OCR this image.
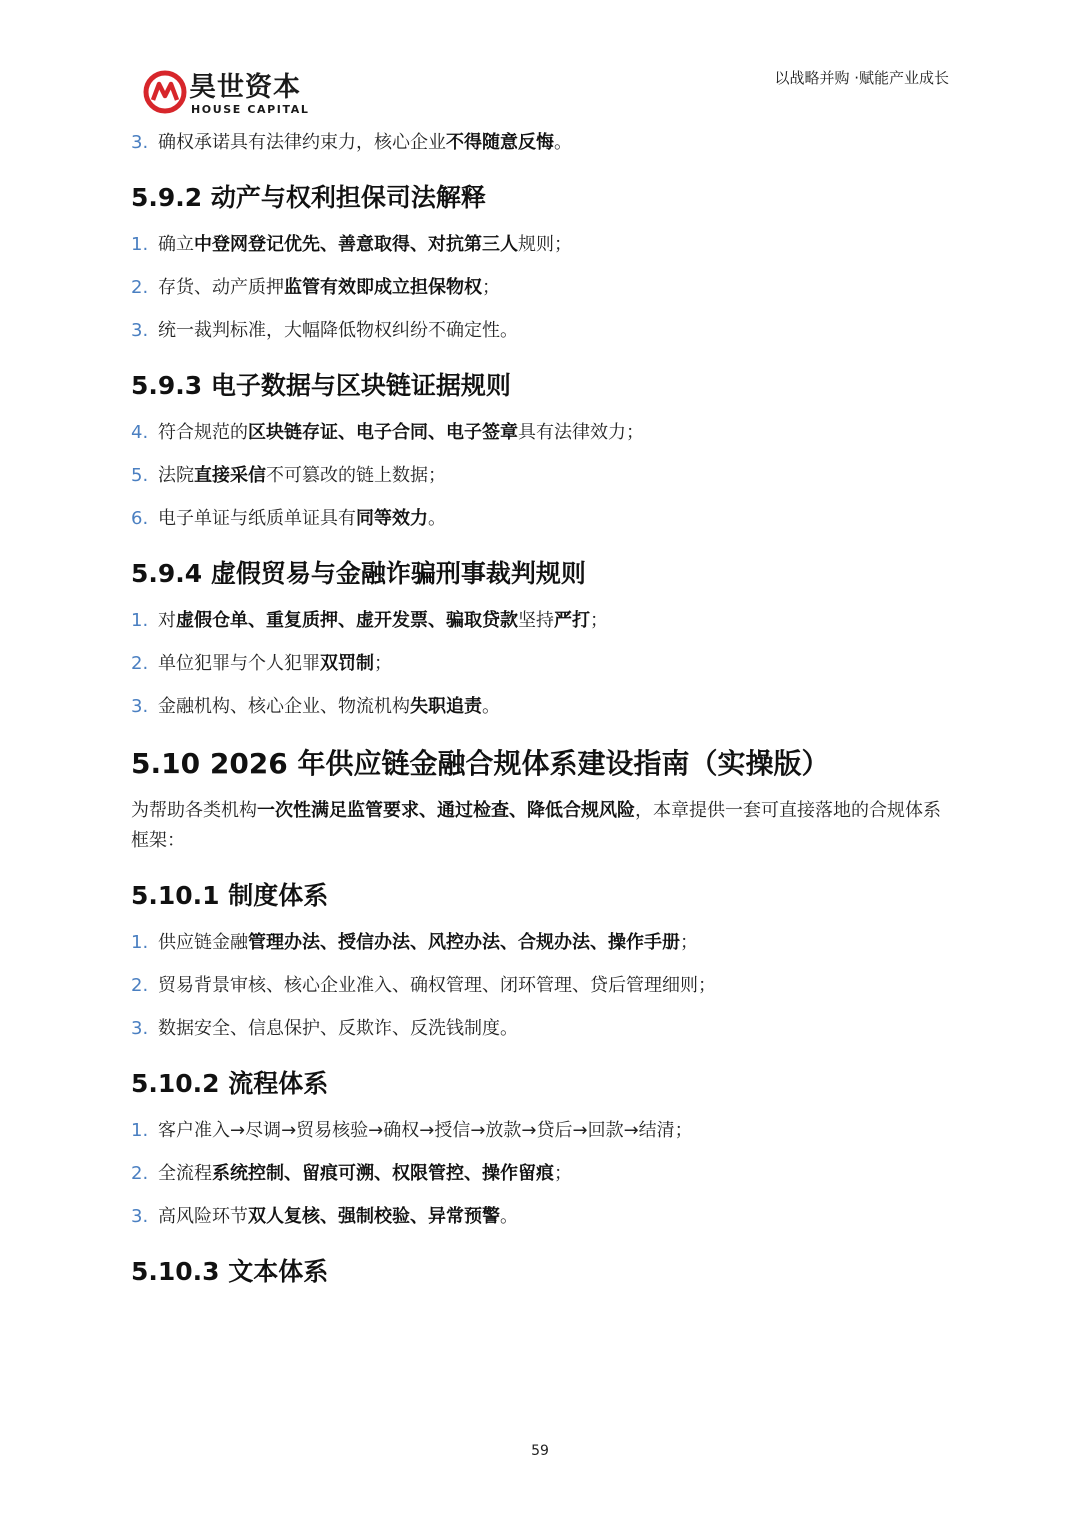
昊世资本
HOUSE CAPITAL
以战略并购 ·赋能产业成长
3. 确权承诺具有法律约束力，核心企业不得随意反悔。
5.9.2 动产与权利担保司法解释
1. 确立中登网登记优先、善意取得、对抗第三人规则；
2. 存货、动产质押监管有效即成立担保物权；
3. 统一裁判标准，大幅降低物权纠纷不确定性。
5.9.3 电子数据与区块链证据规则
4. 符合规范的区块链存证、电子合同、电子签章具有法律效力；
5. 法院直接采信不可篡改的链上数据；
6. 电子单证与纸质单证具有同等效力。
5.9.4 虚假贸易与金融诈骗刑事裁判规则
1. 对虚假仓单、重复质押、虚开发票、骗取贷款坚持严打；
2. 单位犯罪与个人犯罪双罚制；
3. 金融机构、核心企业、物流机构失职追责。
5.10 2026 年供应链金融合规体系建设指南（实操版）
为帮助各类机构一次性满足监管要求、通过检查、降低合规风险，本章提供一套可直接落地的合规体系框架：
5.10.1 制度体系
1. 供应链金融管理办法、授信办法、风控办法、合规办法、操作手册；
2. 贸易背景审核、核心企业准入、确权管理、闭环管理、贷后管理细则；
3. 数据安全、信息保护、反欺诈、反洗钱制度。
5.10.2 流程体系
1. 客户准入→尽调→贸易核验→确权→授信→放款→贷后→回款→结清；
2. 全流程系统控制、留痕可溯、权限管控、操作留痕；
3. 高风险环节双人复核、强制校验、异常预警。
5.10.3 文本体系
59
